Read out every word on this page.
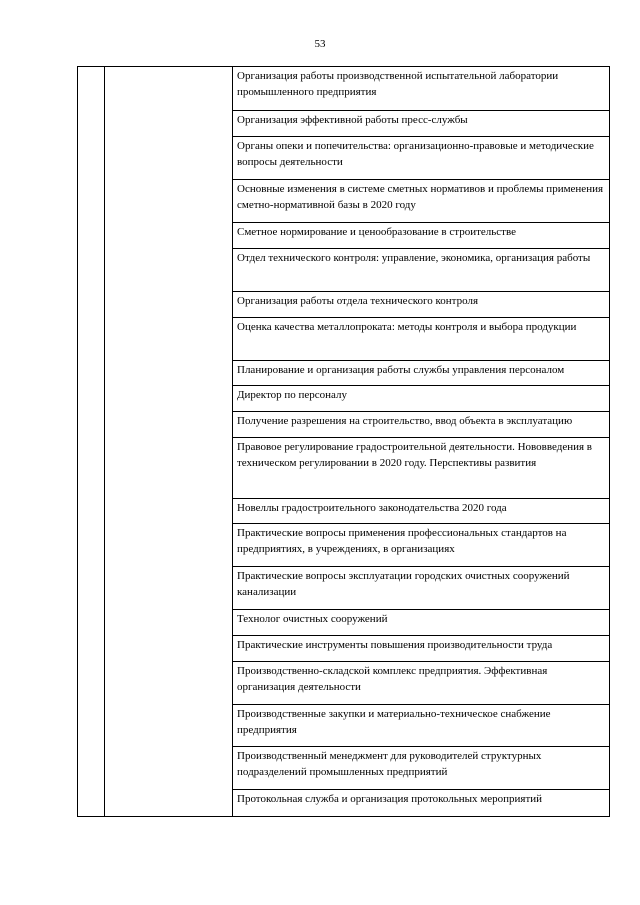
53
		Организация работы производственной испытательной лаборатории промышленного предприятия
Организация эффективной работы пресс-службы
Органы опеки и попечительства: организационно-правовые и методические вопросы деятельности
Основные изменения в системе сметных нормативов и проблемы применения сметно-нормативной базы в 2020 году
Сметное нормирование и ценообразование в строительстве
Отдел технического контроля: управление, экономика, организация работы
Организация работы отдела технического контроля
Оценка качества металлопроката: методы контроля и выбора продукции
Планирование и организация работы службы управления персоналом
Директор по персоналу
Получение разрешения на строительство, ввод объекта в эксплуатацию
Правовое регулирование градостроительной деятельности. Нововведения в техническом регулировании в 2020 году. Перспективы развития
Новеллы градостроительного законодательства 2020 года
Практические вопросы применения профессиональных стандартов на предприятиях, в учреждениях, в организациях
Практические вопросы эксплуатации городских очистных сооружений канализации
Технолог очистных сооружений
Практические инструменты повышения производительности труда
Производственно-складской комплекс предприятия. Эффективная организация деятельности
Производственные закупки и материально-техническое снабжение предприятия
Производственный менеджмент для руководителей структурных подразделений промышленных предприятий
Протокольная служба и организация протокольных мероприятий
